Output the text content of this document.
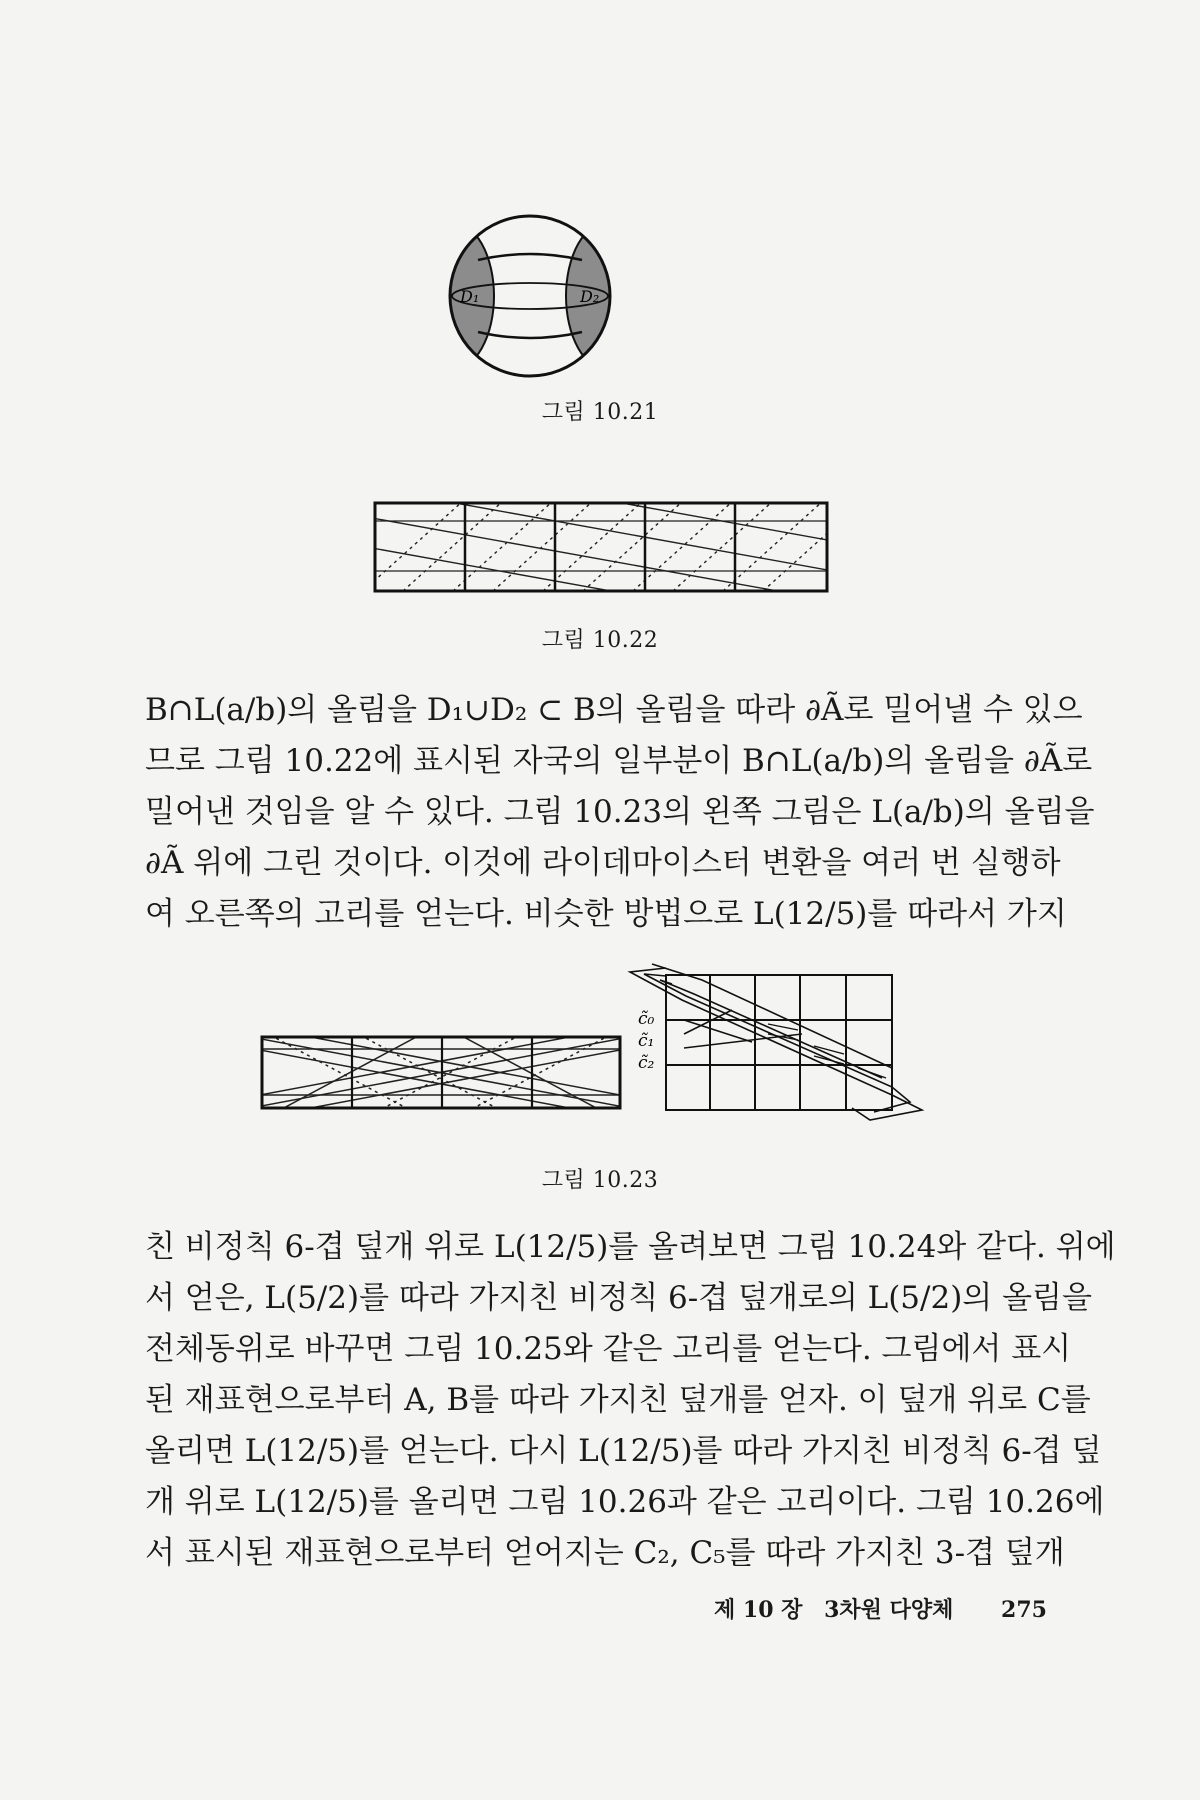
D₁	D₂
그림 10.21
그림 10.22

B∩L(a/b)의 올림을 D₁∪D₂ ⊂ B의 올림을 따라 ∂Ã로 밀어낼 수 있으
므로 그림 10.22에 표시된 자국의 일부분이 B∩L(a/b)의 올림을 ∂Ã로
밀어낸 것임을 알 수 있다. 그림 10.23의 왼쪽 그림은 L(a/b)의 올림을
∂Ã 위에 그린 것이다. 이것에 라이데마이스터 변환을 여러 번 실행하
여 오른쪽의 고리를 얻는다. 비슷한 방법으로 L(12/5)를 따라서 가지

c̃₀
c̃₁
c̃₂
그림 10.23

친 비정칙 6-겹 덮개 위로 L(12/5)를 올려보면 그림 10.24와 같다. 위에
서 얻은, L(5/2)를 따라 가지친 비정칙 6-겹 덮개로의 L(5/2)의 올림을
전체동위로 바꾸면 그림 10.25와 같은 고리를 얻는다. 그림에서 표시
된 재표현으로부터 A, B를 따라 가지친 덮개를 얻자. 이 덮개 위로 C를
올리면 L(12/5)를 얻는다. 다시 L(12/5)를 따라 가지친 비정칙 6-겹 덮
개 위로 L(12/5)를 올리면 그림 10.26과 같은 고리이다. 그림 10.26에
서 표시된 재표현으로부터 얻어지는 C₂, C₅를 따라 가지친 3-겹 덮개

제 10 장 3차원 다양체 275
